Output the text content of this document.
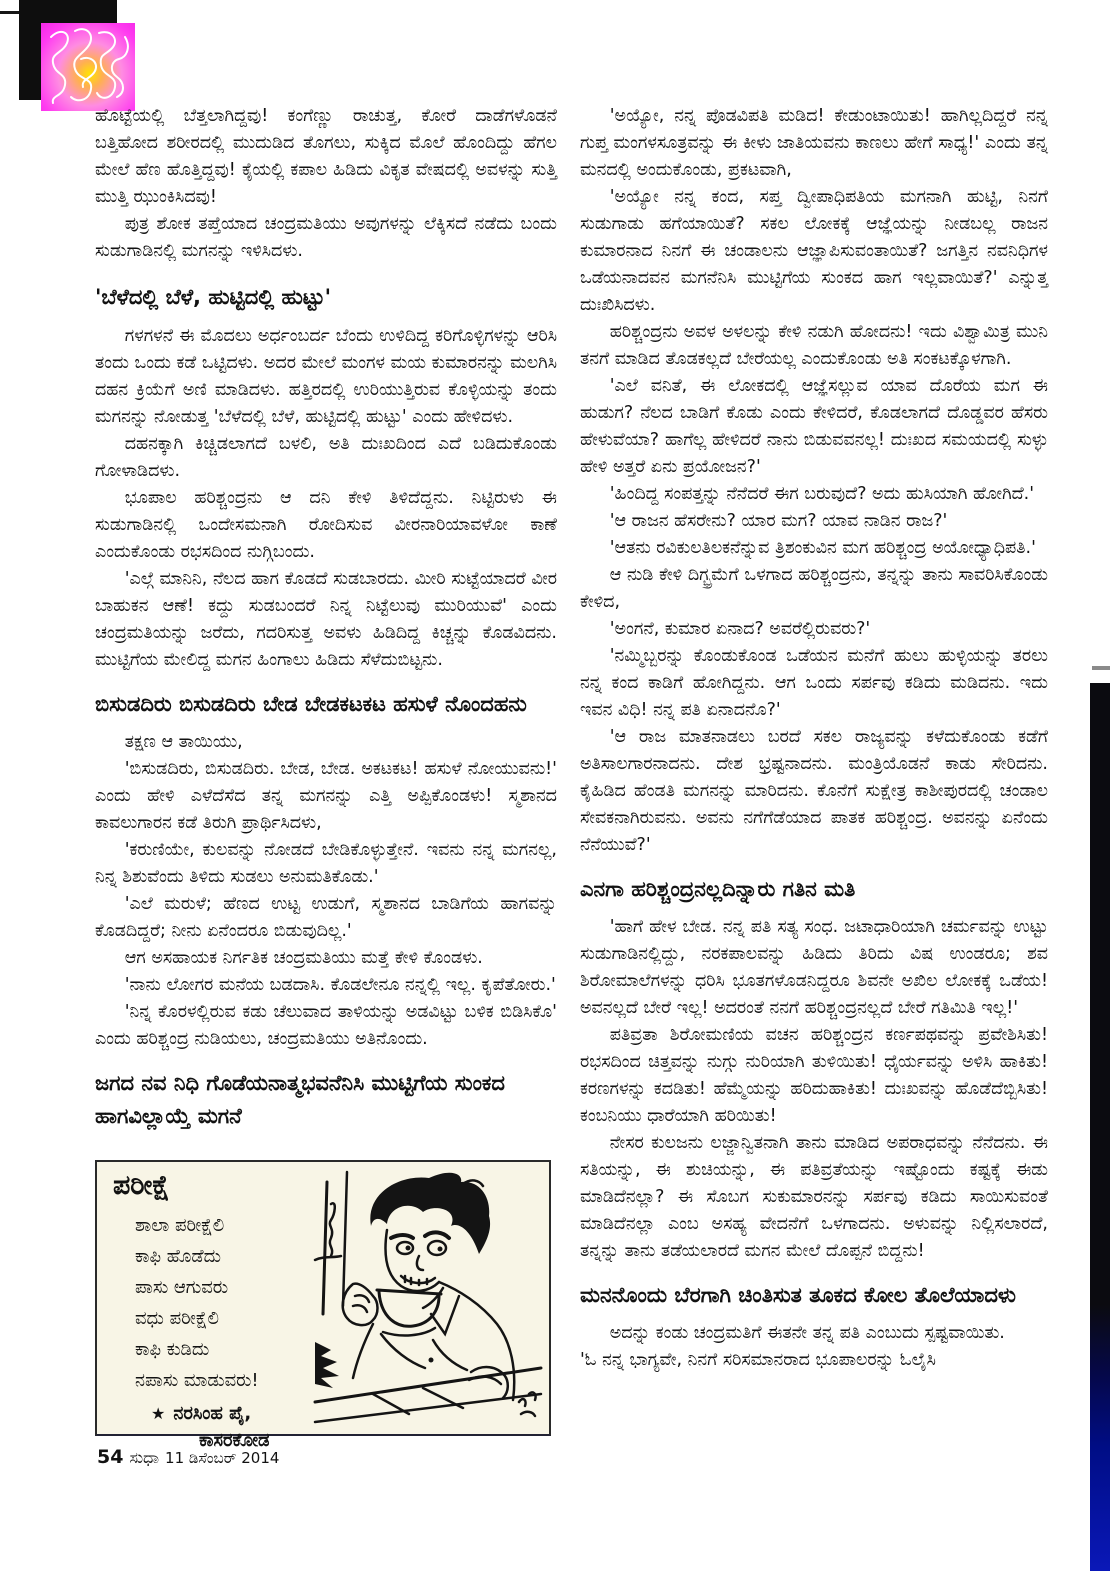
ಹೊಟ್ಟೆಯಲ್ಲಿ ಬೆತ್ತಲಾಗಿದ್ದವು! ಕಂಗೆಣ್ಣು ರಾಚುತ್ತ, ಕೋರೆ ದಾಡೆಗಳೊಡನೆ ಬತ್ತಿಹೋದ ಶರೀರದಲ್ಲಿ ಮುದುಡಿದ ತೊಗಲು, ಸುಕ್ಕಿದ ಮೊಲೆ ಹೊಂದಿದ್ದು ಹೆಗಲ ಮೇಲೆ ಹೆಣ ಹೊತ್ತಿದ್ದವು! ಕೈಯಲ್ಲಿ ಕಪಾಲ ಹಿಡಿದು ವಿಕೃತ ವೇಷದಲ್ಲಿ ಅವಳನ್ನು ಸುತ್ತಿ ಮುತ್ತಿ ಝುಂಕಿಸಿದವು!

ಪುತ್ರ ಶೋಕ ತಪ್ತೆಯಾದ ಚಂದ್ರಮತಿಯು ಅವುಗಳನ್ನು ಲೆಕ್ಕಿಸದೆ ನಡೆದು ಬಂದು ಸುಡುಗಾಡಿನಲ್ಲಿ ಮಗನನ್ನು ಇಳಿಸಿದಳು.

'ಬೆಳೆದಲ್ಲಿ ಬೆಳೆ, ಹುಟ್ಟಿದಲ್ಲಿ ಹುಟ್ಟು'

ಗಳಗಳನೆ ಈ ಮೊದಲು ಅರ್ಧಂಬರ್ದ ಬೆಂದು ಉಳಿದಿದ್ದ ಕರಿಗೊಳ್ಳಿಗಳನ್ನು ಆರಿಸಿ ತಂದು ಒಂದು ಕಡೆ ಒಟ್ಟಿದಳು. ಅದರ ಮೇಲೆ ಮಂಗಳ ಮಯ ಕುಮಾರನನ್ನು ಮಲಗಿಸಿ ದಹನ ಕ್ರಿಯೆಗೆ ಅಣಿ ಮಾಡಿದಳು. ಹತ್ತಿರದಲ್ಲಿ ಉರಿಯುತ್ತಿರುವ ಕೊಳ್ಳಿಯನ್ನು ತಂದು ಮಗನನ್ನು ನೋಡುತ್ತ 'ಬೆಳೆದಲ್ಲಿ ಬೆಳೆ, ಹುಟ್ಟಿದಲ್ಲಿ ಹುಟ್ಟು' ಎಂದು ಹೇಳಿದಳು.

ದಹನಕ್ಕಾಗಿ ಕಿಚ್ಚಿಡಲಾಗದೆ ಬಳಲಿ, ಅತಿ ದುಃಖದಿಂದ ಎದೆ ಬಡಿದುಕೊಂಡು ಗೋಳಾಡಿದಳು.

ಭೂಪಾಲ ಹರಿಶ್ಚಂದ್ರನು ಆ ದನಿ ಕೇಳಿ ತಿಳಿದೆದ್ದನು. ನಿಟ್ಟಿರುಳು ಈ ಸುಡುಗಾಡಿನಲ್ಲಿ ಒಂದೇಸಮನಾಗಿ ರೋದಿಸುವ ವೀರನಾರಿಯಾವಳೋ ಕಾಣೆ ಎಂದುಕೊಂಡು ರಭಸದಿಂದ ನುಗ್ಗಿಬಂದು.

'ಎಲ್ಗೆ ಮಾನಿನಿ, ನೆಲದ ಹಾಗ ಕೊಡದೆ ಸುಡಬಾರದು. ಮೀರಿ ಸುಟ್ಟೆಯಾದರೆ ವೀರ ಬಾಹುಕನ ಆಣೆ! ಕದ್ದು ಸುಡಬಂದರೆ ನಿನ್ನ ನಿಟ್ಟೆಲುವು ಮುರಿಯುವೆ' ಎಂದು ಚಂದ್ರಮತಿಯನ್ನು ಜರೆದು, ಗದರಿಸುತ್ತ ಅವಳು ಹಿಡಿದಿದ್ದ ಕಿಚ್ಚನ್ನು ಕೊಡವಿದನು. ಮುಟ್ಟಿಗೆಯ ಮೇಲಿದ್ದ ಮಗನ ಹಿಂಗಾಲು ಹಿಡಿದು ಸೆಳೆದುಬಿಟ್ಟನು.

ಬಿಸುಡದಿರು ಬಿಸುಡದಿರು ಬೇಡ ಬೇಡಕಟಕಟ ಹಸುಳೆ ನೊಂದಹನು

ತಕ್ಷಣ ಆ ತಾಯಿಯು,

'ಬಿಸುಡದಿರು, ಬಿಸುಡದಿರು. ಬೇಡ, ಬೇಡ. ಅಕಟಕಟ! ಹಸುಳೆ ನೋಯುವನು!' ಎಂದು ಹೇಳಿ ಎಳೆದೆಸೆದ ತನ್ನ ಮಗನನ್ನು ಎತ್ತಿ ಅಪ್ಪಿಕೊಂಡಳು! ಸ್ಮಶಾನದ ಕಾವಲುಗಾರನ ಕಡೆ ತಿರುಗಿ ಪ್ರಾರ್ಥಿಸಿದಳು,

'ಕರುಣಿಯೇ, ಕುಲವನ್ನು ನೋಡದೆ ಬೇಡಿಕೊಳ್ಳುತ್ತೇನೆ. ಇವನು ನನ್ನ ಮಗನಲ್ಲ, ನಿನ್ನ ಶಿಶುವೆಂದು ತಿಳಿದು ಸುಡಲು ಅನುಮತಿಕೊಡು.'

'ಎಲೆ ಮರುಳೆ; ಹೆಣದ ಉಟ್ಟ ಉಡುಗೆ, ಸ್ಮಶಾನದ ಬಾಡಿಗೆಯ ಹಾಗವನ್ನು ಕೊಡದಿದ್ದರೆ; ನೀನು ಏನೆಂದರೂ ಬಿಡುವುದಿಲ್ಲ.'

ಆಗ ಅಸಹಾಯಕ ನಿರ್ಗತಿಕ ಚಂದ್ರಮತಿಯು ಮತ್ತೆ ಕೇಳಿ ಕೊಂಡಳು.

'ನಾನು ಲೋಗರ ಮನೆಯ ಬಡದಾಸಿ. ಕೊಡಲೇನೂ ನನ್ನಲ್ಲಿ ಇಲ್ಲ. ಕೃಪೆತೋರು.'

'ನಿನ್ನ ಕೊರಳಲ್ಲಿರುವ ಕಡು ಚೆಲುವಾದ ತಾಳಿಯನ್ನು ಅಡವಿಟ್ಟು ಬಳಿಕ ಬಿಡಿಸಿಕೊ' ಎಂದು ಹರಿಶ್ಚಂದ್ರ ನುಡಿಯಲು, ಚಂದ್ರಮತಿಯು ಅತಿನೊಂದು.

ಜಗದ ನವ ನಿಧಿ ಗೊಡೆಯನಾತ್ಮಭವನೆನಿಸಿ ಮುಟ್ಟಿಗೆಯ ಸುಂಕದ ಹಾಗವಿಲ್ಲಾಯ್ತೆ ಮಗನೆ
ಪರೀಕ್ಷೆ
ಶಾಲಾ ಪರೀಕ್ಷೆಲಿ
ಕಾಫಿ ಹೊಡೆದು
ಪಾಸು ಆಗುವರು
ವಧು ಪರೀಕ್ಷೆಲಿ
ಕಾಫಿ ಕುಡಿದು
ನಪಾಸು ಮಾಡುವರು!
★ ನರಸಿಂಹ ಪೈ,
ಕಾಸರಕೋಡ
54 ಸುಧಾ 11 ಡಿಸೆಂಬರ್ 2014

'ಅಯ್ಯೋ, ನನ್ನ ಪೊಡವಿಪತಿ ಮಡಿದ! ಕೇಡುಂಟಾಯಿತು! ಹಾಗಿಲ್ಲದಿದ್ದರೆ ನನ್ನ ಗುಪ್ತ ಮಂಗಳಸೂತ್ರವನ್ನು ಈ ಕೀಳು ಜಾತಿಯವನು ಕಾಣಲು ಹೇಗೆ ಸಾಧ್ಯ!' ಎಂದು ತನ್ನ ಮನದಲ್ಲಿ ಅಂದುಕೊಂಡು, ಪ್ರಕಟವಾಗಿ,

'ಅಯ್ಯೋ ನನ್ನ ಕಂದ, ಸಪ್ತ ದ್ವೀಪಾಧಿಪತಿಯ ಮಗನಾಗಿ ಹುಟ್ಟಿ, ನಿನಗೆ ಸುಡುಗಾಡು ಹಗೆಯಾಯಿತೆ? ಸಕಲ ಲೋಕಕ್ಕೆ ಆಜ್ಞೆಯನ್ನು ನೀಡಬಲ್ಲ ರಾಜನ ಕುಮಾರನಾದ ನಿನಗೆ ಈ ಚಂಡಾಲನು ಆಜ್ಞಾಪಿಸುವಂತಾಯಿತೆ? ಜಗತ್ತಿನ ನವನಿಧಿಗಳ ಒಡೆಯನಾದವನ ಮಗನೆನಿಸಿ ಮುಟ್ಟಿಗೆಯ ಸುಂಕದ ಹಾಗ ಇಲ್ಲವಾಯಿತೆ?' ಎನ್ನುತ್ತ ದುಃಖಿಸಿದಳು.

ಹರಿಶ್ಚಂದ್ರನು ಅವಳ ಅಳಲನ್ನು ಕೇಳಿ ನಡುಗಿ ಹೋದನು! ಇದು ವಿಶ್ವಾಮಿತ್ರ ಮುನಿ ತನಗೆ ಮಾಡಿದ ತೊಡಕಲ್ಲದೆ ಬೇರೆಯಲ್ಲ ಎಂದುಕೊಂಡು ಅತಿ ಸಂಕಟಕ್ಕೊಳಗಾಗಿ.

'ಎಲೆ ವನಿತೆ, ಈ ಲೋಕದಲ್ಲಿ ಆಜ್ಞೆಸಲ್ಲುವ ಯಾವ ದೊರೆಯ ಮಗ ಈ ಹುಡುಗ? ನೆಲದ ಬಾಡಿಗೆ ಕೊಡು ಎಂದು ಕೇಳಿದರೆ, ಕೊಡಲಾಗದೆ ದೊಡ್ಡವರ ಹೆಸರು ಹೇಳುವೆಯಾ? ಹಾಗೆಲ್ಲ ಹೇಳಿದರೆ ನಾನು ಬಿಡುವವನಲ್ಲ! ದುಃಖದ ಸಮಯದಲ್ಲಿ ಸುಳ್ಳು ಹೇಳಿ ಅತ್ತರೆ ಏನು ಪ್ರಯೋಜನ?'

'ಹಿಂದಿದ್ದ ಸಂಪತ್ತನ್ನು ನೆನೆದರೆ ಈಗ ಬರುವುದೆ? ಅದು ಹುಸಿಯಾಗಿ ಹೋಗಿದೆ.'

'ಆ ರಾಜನ ಹೆಸರೇನು? ಯಾರ ಮಗ? ಯಾವ ನಾಡಿನ ರಾಜ?'

'ಆತನು ರವಿಕುಲತಿಲಕನೆನ್ನುವ ತ್ರಿಶಂಕುವಿನ ಮಗ ಹರಿಶ್ಚಂದ್ರ ಅಯೋಧ್ಯಾಧಿಪತಿ.'

ಆ ನುಡಿ ಕೇಳಿ ದಿಗ್ಭ್ರಮೆಗೆ ಒಳಗಾದ ಹರಿಶ್ಚಂದ್ರನು, ತನ್ನನ್ನು ತಾನು ಸಾವರಿಸಿಕೊಂಡು ಕೇಳಿದ,

'ಅಂಗನೆ, ಕುಮಾರ ಏನಾದ? ಅವರೆಲ್ಲಿರುವರು?'

'ನಮ್ಮಿಬ್ಬರನ್ನು ಕೊಂಡುಕೊಂಡ ಒಡೆಯನ ಮನೆಗೆ ಹುಲು ಹುಳ್ಳಿಯನ್ನು ತರಲು ನನ್ನ ಕಂದ ಕಾಡಿಗೆ ಹೋಗಿದ್ದನು. ಆಗ ಒಂದು ಸರ್ಪವು ಕಡಿದು ಮಡಿದನು. ಇದು ಇವನ ವಿಧಿ! ನನ್ನ ಪತಿ ಏನಾದನೊ?'

'ಆ ರಾಜ ಮಾತನಾಡಲು ಬರದೆ ಸಕಲ ರಾಜ್ಯವನ್ನು ಕಳೆದುಕೊಂಡು ಕಡೆಗೆ ಅತಿಸಾಲಗಾರನಾದನು. ದೇಶ ಭ್ರಷ್ಟನಾದನು. ಮಂತ್ರಿಯೊಡನೆ ಕಾಡು ಸೇರಿದನು. ಕೈಹಿಡಿದ ಹೆಂಡತಿ ಮಗನನ್ನು ಮಾರಿದನು. ಕೊನೆಗೆ ಸುಕ್ಷೇತ್ರ ಕಾಶೀಪುರದಲ್ಲಿ ಚಂಡಾಲ ಸೇವಕನಾಗಿರುವನು. ಅವನು ನಗೆಗೆಡೆಯಾದ ಪಾತಕ ಹರಿಶ್ಚಂದ್ರ. ಅವನನ್ನು ಏನೆಂದು ನೆನೆಯುವೆ?'

ಎನಗಾ ಹರಿಶ್ಚಂದ್ರನಲ್ಲದಿನ್ನಾರು ಗತಿನ ಮತಿ

'ಹಾಗೆ ಹೇಳ ಬೇಡ. ನನ್ನ ಪತಿ ಸತ್ಯ ಸಂಧ. ಜಟಾಧಾರಿಯಾಗಿ ಚರ್ಮವನ್ನು ಉಟ್ಟು ಸುಡುಗಾಡಿನಲ್ಲಿದ್ದು, ನರಕಪಾಲವನ್ನು ಹಿಡಿದು ತಿರಿದು ವಿಷ ಉಂಡರೂ; ಶವ ಶಿರೋಮಾಲೆಗಳನ್ನು ಧರಿಸಿ ಭೂತಗಳೊಡನಿದ್ದರೂ ಶಿವನೇ ಅಖಿಲ ಲೋಕಕ್ಕೆ ಒಡೆಯ! ಅವನಲ್ಲದೆ ಬೇರೆ ಇಲ್ಲ! ಅದರಂತೆ ನನಗೆ ಹರಿಶ್ಚಂದ್ರನಲ್ಲದೆ ಬೇರೆ ಗತಿಮಿತಿ ಇಲ್ಲ!'

ಪತಿವ್ರತಾ ಶಿರೋಮಣಿಯ ವಚನ ಹರಿಶ್ಚಂದ್ರನ ಕರ್ಣಪಥವನ್ನು ಪ್ರವೇಶಿಸಿತು! ರಭಸದಿಂದ ಚಿತ್ತವನ್ನು ನುಗ್ಗು ನುರಿಯಾಗಿ ತುಳಿಯಿತು! ಧೈರ್ಯವನ್ನು ಅಳಿಸಿ ಹಾಕಿತು! ಕರಣಗಳನ್ನು ಕದಡಿತು! ಹೆಮ್ಮೆಯನ್ನು ಹರಿದುಹಾಕಿತು! ದುಃಖವನ್ನು ಹೊಡೆದೆಬ್ಬಿಸಿತು! ಕಂಬನಿಯು ಧಾರೆಯಾಗಿ ಹರಿಯಿತು!

ನೇಸರ ಕುಲಜನು ಲಜ್ಜಾನ್ವಿತನಾಗಿ ತಾನು ಮಾಡಿದ ಅಪರಾಧವನ್ನು ನೆನೆದನು. ಈ ಸತಿಯನ್ನು, ಈ ಶುಚಿಯನ್ನು, ಈ ಪತಿವ್ರತೆಯನ್ನು ಇಷ್ಟೊಂದು ಕಷ್ಟಕ್ಕೆ ಈಡು ಮಾಡಿದೆನಲ್ಲಾ? ಈ ಸೊಬಗ ಸುಕುಮಾರನನ್ನು ಸರ್ಪವು ಕಡಿದು ಸಾಯಿಸುವಂತೆ ಮಾಡಿದೆನಲ್ಲಾ ಎಂಬ ಅಸಹ್ಯ ವೇದನೆಗೆ ಒಳಗಾದನು. ಅಳುವನ್ನು ನಿಲ್ಲಿಸಲಾರದೆ, ತನ್ನನ್ನು ತಾನು ತಡೆಯಲಾರದೆ ಮಗನ ಮೇಲೆ ದೊಪ್ಪನೆ ಬಿದ್ದನು!

ಮನನೊಂದು ಬೆರಗಾಗಿ ಚಿಂತಿಸುತ ತೂಕದ ಕೋಲ ತೊಲೆಯಾದಳು

ಅದನ್ನು ಕಂಡು ಚಂದ್ರಮತಿಗೆ ಈತನೇ ತನ್ನ ಪತಿ ಎಂಬುದು ಸ್ಪಷ್ಟವಾಯಿತು.

'ಓ ನನ್ನ ಭಾಗ್ಯವೇ, ನಿನಗೆ ಸರಿಸಮಾನರಾದ ಭೂಪಾಲರನ್ನು ಓಲೈಸಿ
